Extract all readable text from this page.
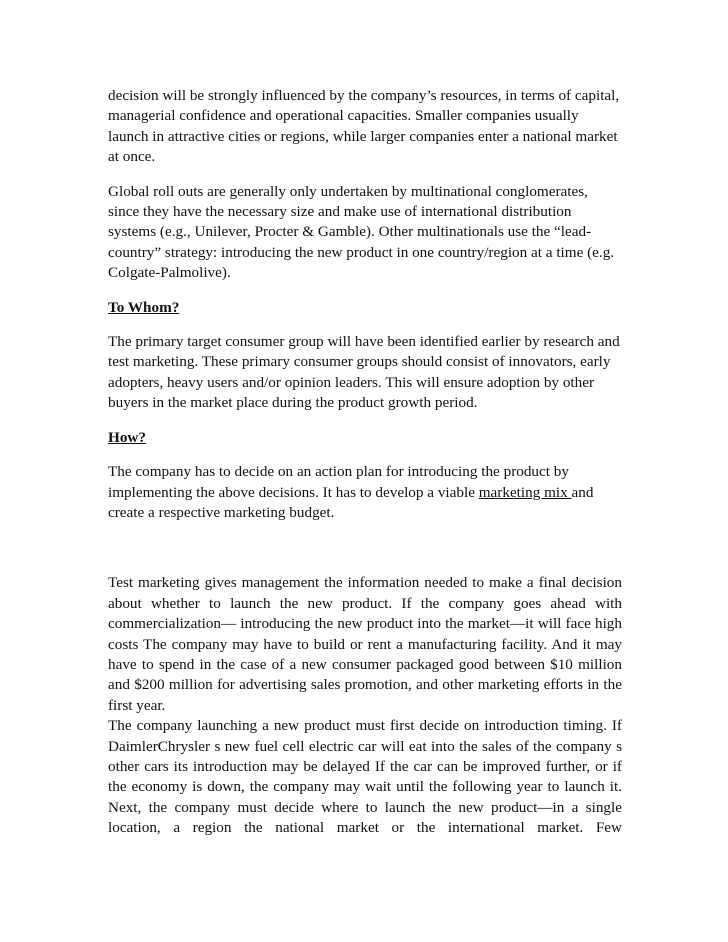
decision will be strongly influenced by the company’s resources, in terms of capital, managerial confidence and operational capacities. Smaller companies usually launch in attractive cities or regions, while larger companies enter a national market at once.

Global roll outs are generally only undertaken by multinational conglomerates, since they have the necessary size and make use of international distribution systems (e.g., Unilever, Procter & Gamble). Other multinationals use the “lead-country” strategy: introducing the new product in one country/region at a time (e.g. Colgate-Palmolive).

To Whom?

The primary target consumer group will have been identified earlier by research and test marketing. These primary consumer groups should consist of innovators, early adopters, heavy users and/or opinion leaders. This will ensure adoption by other buyers in the market place during the product growth period.

How?

The company has to decide on an action plan for introducing the product by implementing the above decisions. It has to develop a viable marketing mix and create a respective marketing budget.

Test marketing gives management the information needed to make a final decision about whether to launch the new product. If the company goes ahead with commercialization— introducing the new product into the market—it will face high costs The company may have to build or rent a manufacturing facility. And it may have to spend in the case of a new consumer packaged good between $10 million and $200 million for advertising sales promotion, and other marketing efforts in the first year.

The company launching a new product must first decide on introduction timing. If DaimlerChrysler s new fuel cell electric car will eat into the sales of the company s other cars its introduction may be delayed If the car can be improved further, or if the economy is down, the company may wait until the following year to launch it.

Next, the company must decide where to launch the new product—in a single location, a region the national market or the international market. Few
